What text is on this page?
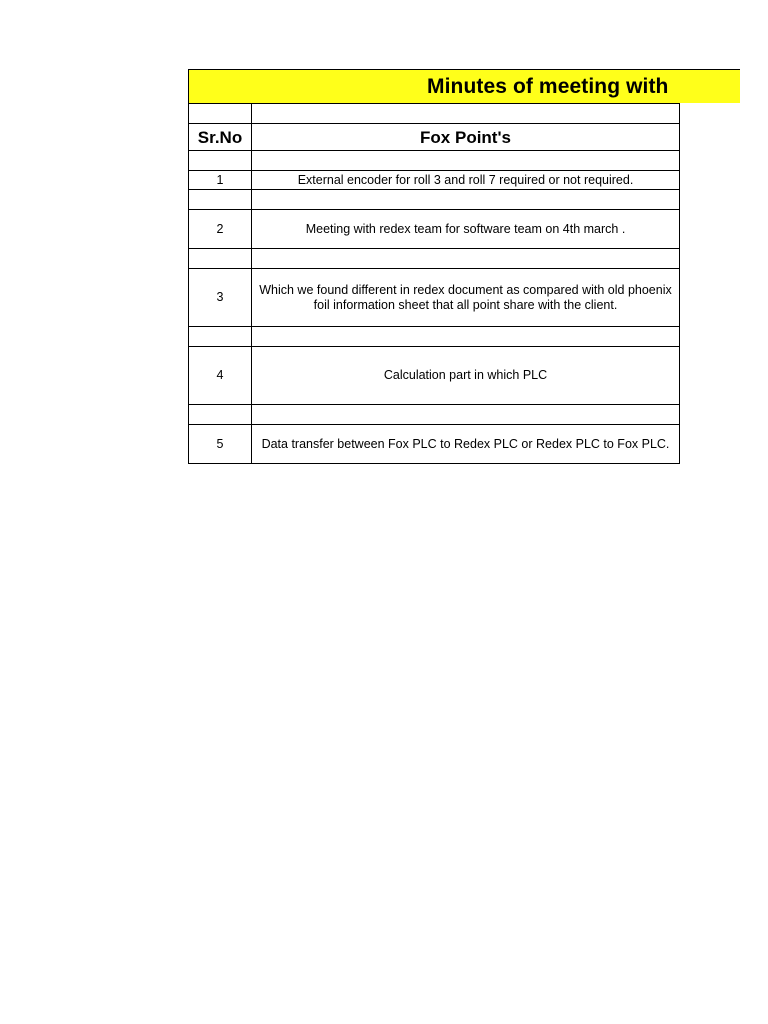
Minutes of meeting with

Sr.No	Fox Point's

1	External encoder for roll 3 and roll 7 required or not required.

2	Meeting with redex team for software team on 4th march .

3	Which we found different in redex document as compared with old phoenix foil information sheet that all point share with the client.

4	Calculation part in which PLC

5	Data transfer between Fox PLC to Redex PLC or Redex PLC to Fox PLC.
